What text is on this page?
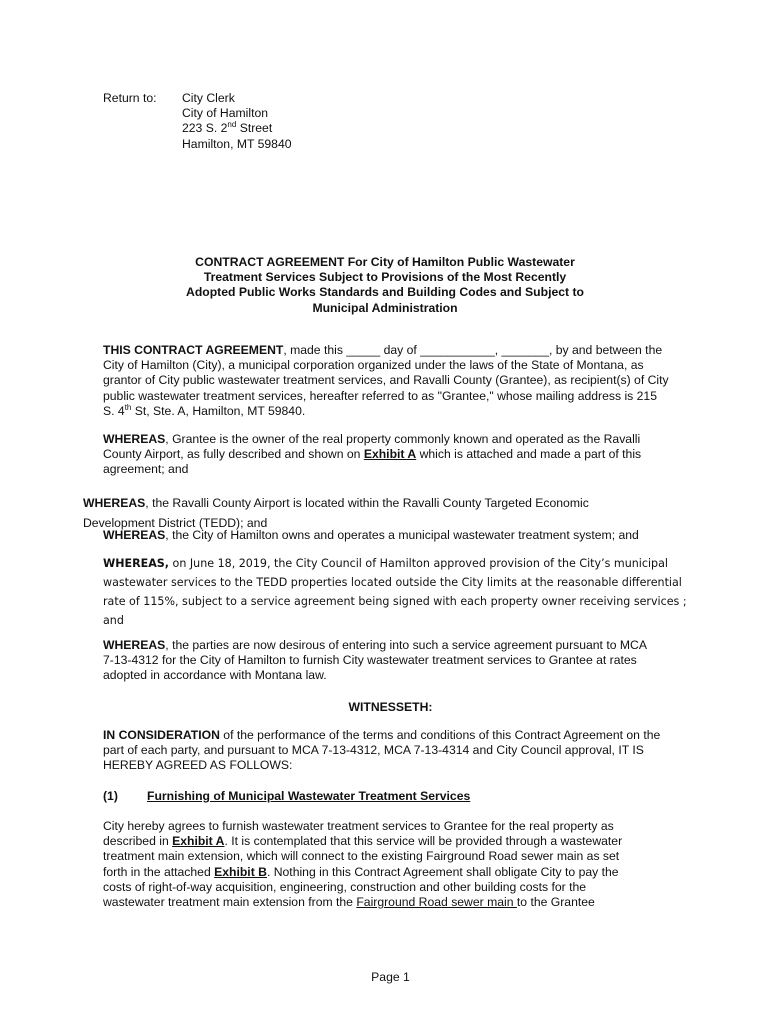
Return to: City Clerk
City of Hamilton
223 S. 2nd Street
Hamilton, MT 59840
CONTRACT AGREEMENT For City of Hamilton Public Wastewater
Treatment Services Subject to Provisions of the Most Recently
Adopted Public Works Standards and Building Codes and Subject to
Municipal Administration
THIS CONTRACT AGREEMENT, made this _____ day of ___________, _______, by and between the
City of Hamilton (City), a municipal corporation organized under the laws of the State of Montana, as
grantor of City public wastewater treatment services, and Ravalli County (Grantee), as recipient(s) of City
public wastewater treatment services, hereafter referred to as "Grantee," whose mailing address is 215
S. 4th St, Ste. A, Hamilton, MT 59840.
WHEREAS, Grantee is the owner of the real property commonly known and operated as the Ravalli
County Airport, as fully described and shown on Exhibit A which is attached and made a part of this
agreement; and
WHEREAS, the Ravalli County Airport is located within the Ravalli County Targeted Economic
Development District (TEDD); and
WHEREAS, the City of Hamilton owns and operates a municipal wastewater treatment system; and
WHEREAS, on June 18, 2019, the City Council of Hamilton approved provision of the City’s municipal
wastewater services to the TEDD properties located outside the City limits at the reasonable differential
rate of 115%, subject to a service agreement being signed with each property owner receiving services ;
and
WHEREAS, the parties are now desirous of entering into such a service agreement pursuant to MCA
7-13-4312 for the City of Hamilton to furnish City wastewater treatment services to Grantee at rates
adopted in accordance with Montana law.
WITNESSETH:
IN CONSIDERATION of the performance of the terms and conditions of this Contract Agreement on the
part of each party, and pursuant to MCA 7-13-4312, MCA 7-13-4314 and City Council approval, IT IS
HEREBY AGREED AS FOLLOWS:
(1) Furnishing of Municipal Wastewater Treatment Services
City hereby agrees to furnish wastewater treatment services to Grantee for the real property as
described in Exhibit A. It is contemplated that this service will be provided through a wastewater
treatment main extension, which will connect to the existing Fairground Road sewer main as set
forth in the attached Exhibit B. Nothing in this Contract Agreement shall obligate City to pay the
costs of right-of-way acquisition, engineering, construction and other building costs for the
wastewater treatment main extension from the Fairground Road sewer main to the Grantee
Page 1
